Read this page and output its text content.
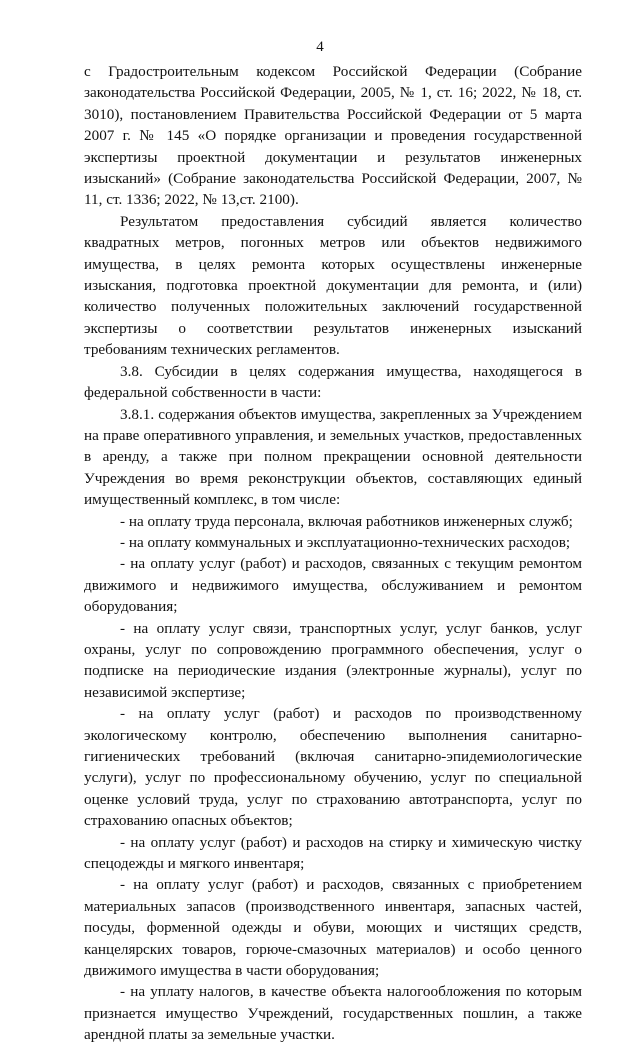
4

с Градостроительным кодексом Российской Федерации (Собрание законодательства Российской Федерации, 2005, № 1, ст. 16; 2022, № 18, ст. 3010), постановлением Правительства Российской Федерации от 5 марта 2007 г. № 145 «О порядке организации и проведения государственной экспертизы проектной документации и результатов инженерных изысканий» (Собрание законодательства Российской Федерации, 2007, № 11, ст. 1336; 2022, № 13,ст. 2100).

Результатом предоставления субсидий является количество квадратных метров, погонных метров или объектов недвижимого имущества, в целях ремонта которых осуществлены инженерные изыскания, подготовка проектной документации для ремонта, и (или) количество полученных положительных заключений государственной экспертизы о соответствии результатов инженерных изысканий требованиям технических регламентов.

3.8. Субсидии в целях содержания имущества, находящегося в федеральной собственности в части:

3.8.1. содержания объектов имущества, закрепленных за Учреждением на праве оперативного управления, и земельных участков, предоставленных в аренду, а также при полном прекращении основной деятельности Учреждения во время реконструкции объектов, составляющих единый имущественный комплекс, в том числе:

- на оплату труда персонала, включая работников инженерных служб;

- на оплату коммунальных и эксплуатационно-технических расходов;

- на оплату услуг (работ) и расходов, связанных с текущим ремонтом движимого и недвижимого имущества, обслуживанием и ремонтом оборудования;

- на оплату услуг связи, транспортных услуг, услуг банков, услуг охраны, услуг по сопровождению программного обеспечения, услуг о подписке на периодические издания (электронные журналы), услуг по независимой экспертизе;

- на оплату услуг (работ) и расходов по производственному экологическому контролю, обеспечению выполнения санитарно-гигиенических требований (включая санитарно-эпидемиологические услуги), услуг по профессиональному обучению, услуг по специальной оценке условий труда, услуг по страхованию автотранспорта, услуг по страхованию опасных объектов;

- на оплату услуг (работ) и расходов на стирку и химическую чистку спецодежды и мягкого инвентаря;

- на оплату услуг (работ) и расходов, связанных с приобретением материальных запасов (производственного инвентаря, запасных частей, посуды, форменной одежды и обуви, моющих и чистящих средств, канцелярских товаров, горюче-смазочных материалов) и особо ценного движимого имущества в части оборудования;

- на уплату налогов, в качестве объекта налогообложения по которым признается имущество Учреждений, государственных пошлин, а также арендной платы за земельные участки.
